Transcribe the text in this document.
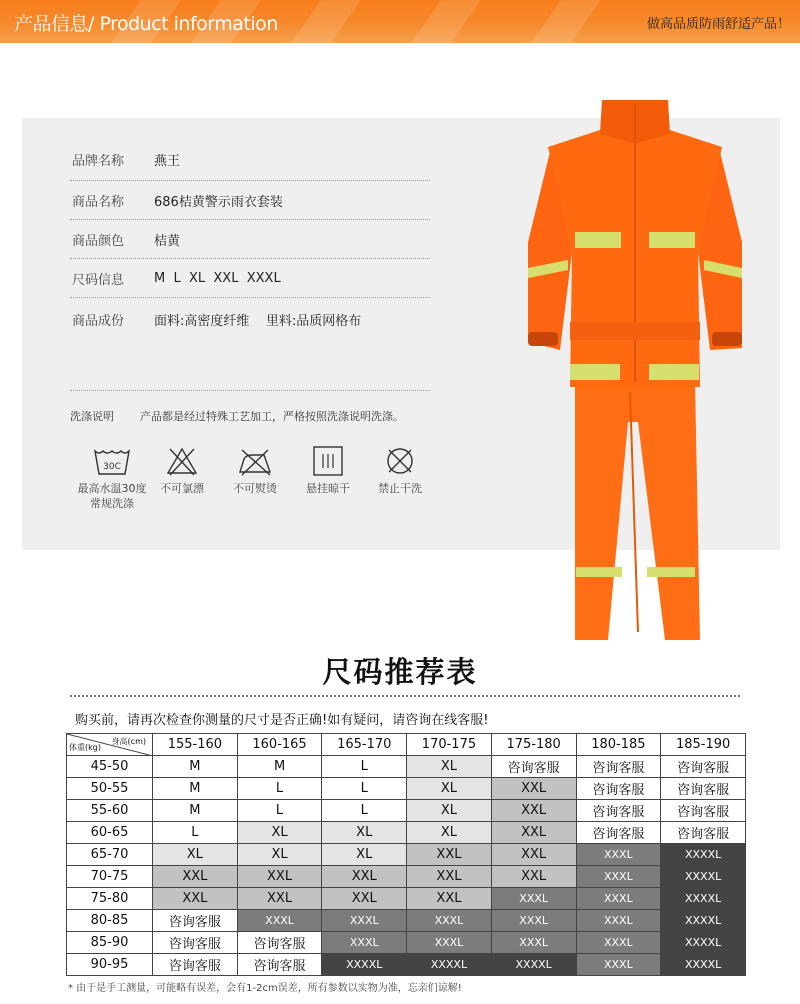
产品信息/ Product information	做高品质防雨舒适产品！
品牌名称	燕王
商品名称	686桔黄警示雨衣套装
商品颜色	桔黄
尺码信息	M  L  XL  XXL  XXXL
商品成份	面料:高密度纤维    里料:品质网格布
洗涤说明 产品都是经过特殊工艺加工，严格按照洗涤说明洗涤。
30C
最高水温30度
常规洗涤
不可氯漂	不可熨烫	悬挂晾干	禁止干洗
尺码推荐表
购买前，请再次检查你测量的尺寸是否正确!如有疑问，请咨询在线客服!
身高(cm)
体重(kg)	155-160	160-165	165-170	170-175	175-180	180-185	185-190
45-50	M	M	L	XL	咨询客服	咨询客服	咨询客服
50-55	M	L	L	XL	XXL	咨询客服	咨询客服
55-60	M	L	L	XL	XXL	咨询客服	咨询客服
60-65	L	XL	XL	XL	XXL	咨询客服	咨询客服
65-70	XL	XL	XL	XXL	XXL	XXXL	XXXXL
70-75	XXL	XXL	XXL	XXL	XXL	XXXL	XXXXL
75-80	XXL	XXL	XXL	XXL	XXXL	XXXL	XXXXL
80-85	咨询客服	XXXL	XXXL	XXXL	XXXL	XXXL	XXXXL
85-90	咨询客服	咨询客服	XXXL	XXXL	XXXL	XXXL	XXXXL
90-95	咨询客服	咨询客服	XXXXL	XXXXL	XXXXL	XXXL	XXXXL
* 由于是手工测量，可能略有误差，会有1-2cm误差，所有参数以实物为准，忘亲们谅解!
